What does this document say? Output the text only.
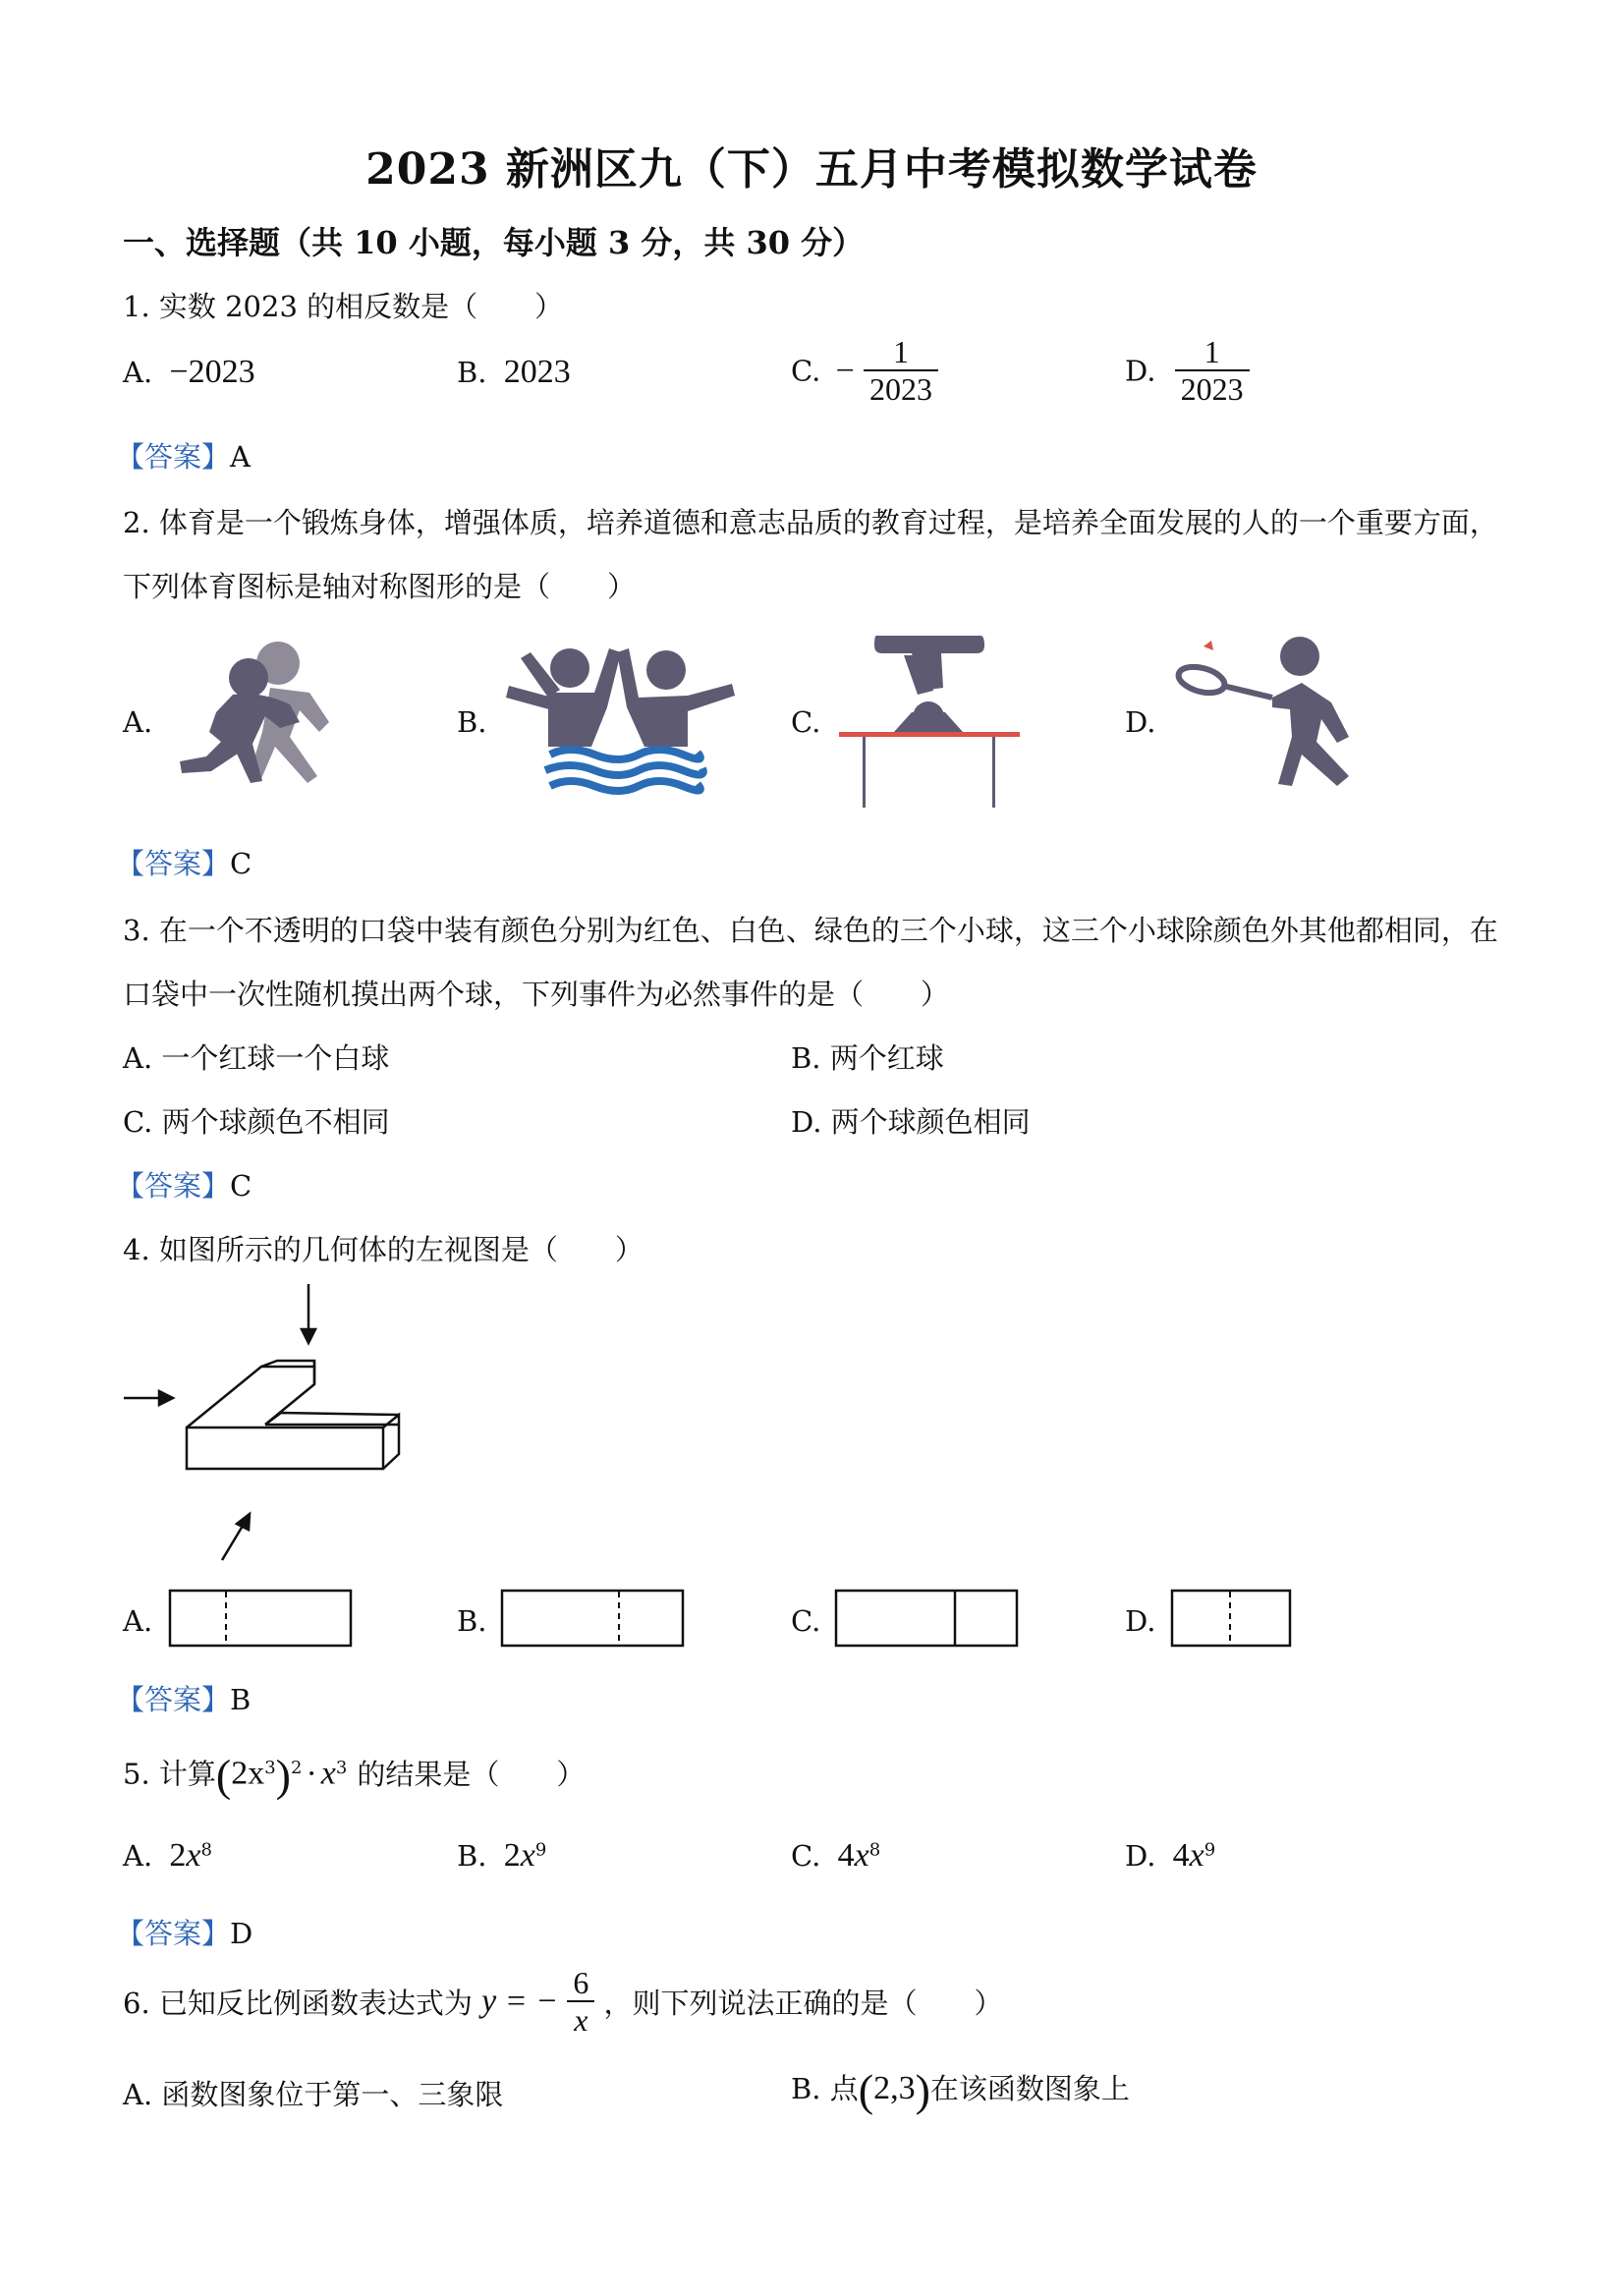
2023 新洲区九（下）五月中考模拟数学试卷
一、选择题（共 10 小题，每小题 3 分，共 30 分）
1. 实数 2023 的相反数是（　　）
A. −2023	B. 2023	C. − $\frac{1}{2023}$	D. $\frac{1}{2023}$
【答案】A
2. 体育是一个锻炼身体，增强体质，培养道德和意志品质的教育过程，是培养全面发展的人的一个重要方面，
下列体育图标是轴对称图形的是（　　）
A.	B.	C.	D.
【答案】C
3. 在一个不透明的口袋中装有颜色分别为红色、白色、绿色的三个小球，这三个小球除颜色外其他都相同，在
口袋中一次性随机摸出两个球，下列事件为必然事件的是（　　）
A. 一个红球一个白球	B. 两个红球
C. 两个球颜色不相同	D. 两个球颜色相同
【答案】C
4. 如图所示的几何体的左视图是（　　）
A.	B.	C.	D.
【答案】B
5. 计算$(2x^3)^2 \cdot x^3$ 的结果是（　　）
A. $2x^8$	B. $2x^9$	C. $4x^8$	D. $4x^9$
【答案】D
6. 已知反比例函数表达式为 y = − $\frac{6}{x}$ ，则下列说法正确的是（　　）
A. 函数图象位于第一、三象限	B. 点(2,3)在该函数图象上
